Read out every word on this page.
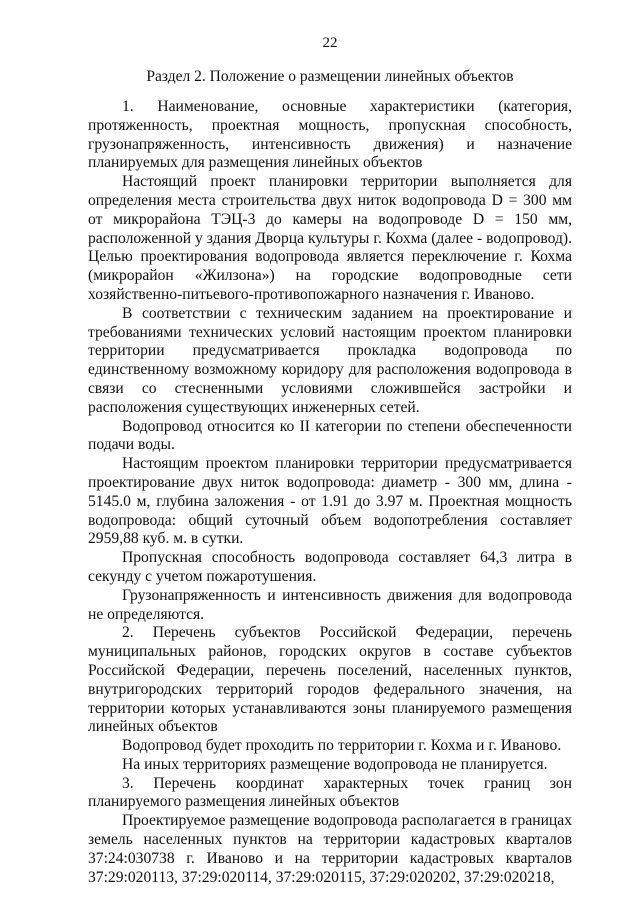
22
Раздел 2. Положение о размещении линейных объектов

1. Наименование, основные характеристики (категория, протяженность, проектная мощность, пропускная способность, грузонапряженность, интенсивность движения) и назначение планируемых для размещения линейных объектов

Настоящий проект планировки территории выполняется для определения места строительства двух ниток водопровода D = 300 мм от микрорайона ТЭЦ-3 до камеры на водопроводе D = 150 мм, расположенной у здания Дворца культуры г. Кохма (далее - водопровод). Целью проектирования водопровода является переключение г. Кохма (микрорайон «Жилзона») на городские водопроводные сети хозяйственно-питьевого-противопожарного назначения г. Иваново.

В соответствии с техническим заданием на проектирование и требованиями технических условий настоящим проектом планировки территории предусматривается прокладка водопровода по единственному возможному коридору для расположения водопровода в связи со стесненными условиями сложившейся застройки и расположения существующих инженерных сетей.

Водопровод относится ко II категории по степени обеспеченности подачи воды.

Настоящим проектом планировки территории предусматривается проектирование двух ниток водопровода: диаметр - 300 мм, длина - 5145.0 м, глубина заложения - от 1.91 до 3.97 м. Проектная мощность водопровода: общий суточный объем водопотребления составляет 2959,88 куб. м. в сутки.

Пропускная способность водопровода составляет 64,3 литра в секунду с учетом пожаротушения.

Грузонапряженность и интенсивность движения для водопровода не определяются.

2. Перечень субъектов Российской Федерации, перечень муниципальных районов, городских округов в составе субъектов Российской Федерации, перечень поселений, населенных пунктов, внутригородских территорий городов федерального значения, на территории которых устанавливаются зоны планируемого размещения линейных объектов

Водопровод будет проходить по территории г. Кохма и г. Иваново.

На иных территориях размещение водопровода не планируется.

3. Перечень координат характерных точек границ зон планируемого размещения линейных объектов

Проектируемое размещение водопровода располагается в границах земель населенных пунктов на территории кадастровых кварталов 37:24:030738 г. Иваново и на территории кадастровых кварталов 37:29:020113, 37:29:020114, 37:29:020115, 37:29:020202, 37:29:020218,
